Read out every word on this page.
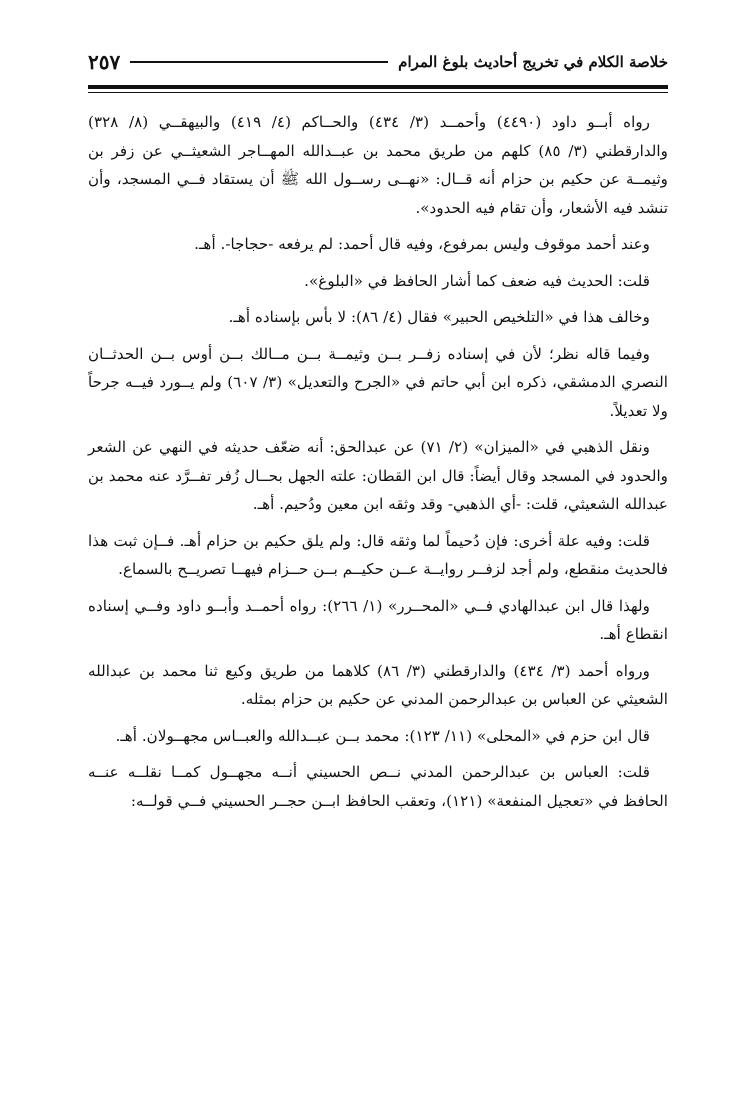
٢٥٧	خلاصة الكلام في تخريج أحاديث بلوغ المرام

رواه أبــو داود (٤٤٩٠) وأحمــد (٣/ ٤٣٤) والحــاكم (٤/ ٤١٩) والبيهقــي (٨/ ٣٢٨) والدارقطني (٣/ ٨٥) كلهم من طريق محمد بن عبــدالله المهــاجر الشعيثــي عن زفر بن وثيمــة عن حكيم بن حزام أنه قــال: «نهــى رســول الله ﷺ أن يستقاد فــي المسجد، وأن تنشد فيه الأشعار، وأن تقام فيه الحدود».

وعند أحمد موقوف وليس بمرفوع، وفيه قال أحمد: لم يرفعه -حجاجا-. أهـ.

قلت: الحديث فيه ضعف كما أشار الحافظ في «البلوغ».

وخالف هذا في «التلخيص الحبير» فقال (٤/ ٨٦): لا بأس بإسناده أهـ.

وفيما قاله نظر؛ لأن في إسناده زفــر بــن وثيمــة بــن مــالك بــن أوس بــن الحدثــان النصري الدمشقي، ذكره ابن أبي حاتم في «الجرح والتعديل» (٣/ ٦٠٧) ولم يــورد فيــه جرحاً ولا تعديلاً.

ونقل الذهبي في «الميزان» (٢/ ٧١) عن عبدالحق: أنه ضعّف حديثه في النهي عن الشعر والحدود في المسجد وقال أيضاً: قال ابن القطان: علته الجهل بحــال زُفر تفــرَّد عنه محمد بن عبدالله الشعيثي، قلت: -أي الذهبي- وقد وثقه ابن معين ودُحيم. أهـ.

قلت: وفيه علة أخرى: فإن دُحيماً لما وثقه قال: ولم يلق حكيم بن حزام أهـ. فــإن ثبت هذا فالحديث منقطع، ولم أجد لزفــر روايــة عــن حكيــم بــن حــزام فيهــا تصريــح بالسماع.

ولهذا قال ابن عبدالهادي فــي «المحــرر» (١/ ٢٦٦): رواه أحمــد وأبــو داود وفــي إسناده انقطاع أهـ.

ورواه أحمد (٣/ ٤٣٤) والدارقطني (٣/ ٨٦) كلاهما من طريق وكيع ثنا محمد بن عبدالله الشعيثي عن العباس بن عبدالرحمن المدني عن حكيم بن حزام بمثله.

قال ابن حزم في «المحلى» (١١/ ١٢٣): محمد بــن عبــدالله والعبــاس مجهــولان. أهـ.

قلت: العباس بن عبدالرحمن المدني نــص الحسيني أنــه مجهــول كمــا نقلــه عنــه الحافظ في «تعجيل المنفعة» (١٢١)، وتعقب الحافظ ابــن حجــر الحسيني فــي قولــه:
